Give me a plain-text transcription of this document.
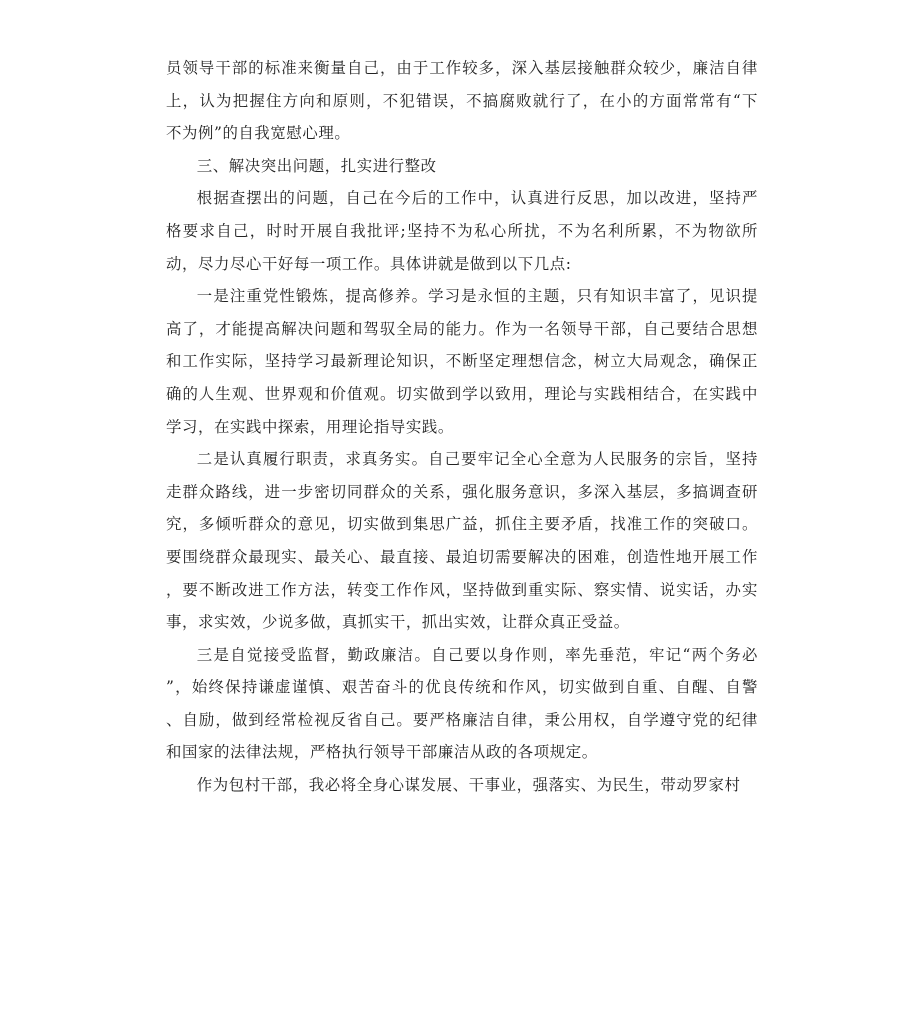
员领导干部的标准来衡量自己，由于工作较多，深入基层接触群众较少，廉洁自律
上，认为把握住方向和原则，不犯错误，不搞腐败就行了，在小的方面常常有“下
不为例”的自我宽慰心理。

三、解决突出问题，扎实进行整改

根据查摆出的问题，自己在今后的工作中，认真进行反思，加以改进，坚持严
格要求自己，时时开展自我批评;坚持不为私心所扰，不为名利所累，不为物欲所
动，尽力尽心干好每一项工作。具体讲就是做到以下几点:

一是注重党性锻炼，提高修养。学习是永恒的主题，只有知识丰富了，见识提
高了，才能提高解决问题和驾驭全局的能力。作为一名领导干部，自己要结合思想
和工作实际，坚持学习最新理论知识，不断坚定理想信念，树立大局观念，确保正
确的人生观、世界观和价值观。切实做到学以致用，理论与实践相结合，在实践中
学习，在实践中探索，用理论指导实践。

二是认真履行职责，求真务实。自己要牢记全心全意为人民服务的宗旨，坚持
走群众路线，进一步密切同群众的关系，强化服务意识，多深入基层，多搞调查研
究，多倾听群众的意见，切实做到集思广益，抓住主要矛盾，找准工作的突破口。
要围绕群众最现实、最关心、最直接、最迫切需要解决的困难，创造性地开展工作
，要不断改进工作方法，转变工作作风，坚持做到重实际、察实情、说实话，办实
事，求实效，少说多做，真抓实干，抓出实效，让群众真正受益。

三是自觉接受监督，勤政廉洁。自己要以身作则，率先垂范，牢记“两个务必
”，始终保持谦虚谨慎、艰苦奋斗的优良传统和作风，切实做到自重、自醒、自警
、自励，做到经常检视反省自己。要严格廉洁自律，秉公用权，自学遵守党的纪律
和国家的法律法规，严格执行领导干部廉洁从政的各项规定。

作为包村干部，我必将全身心谋发展、干事业，强落实、为民生，带动罗家村
